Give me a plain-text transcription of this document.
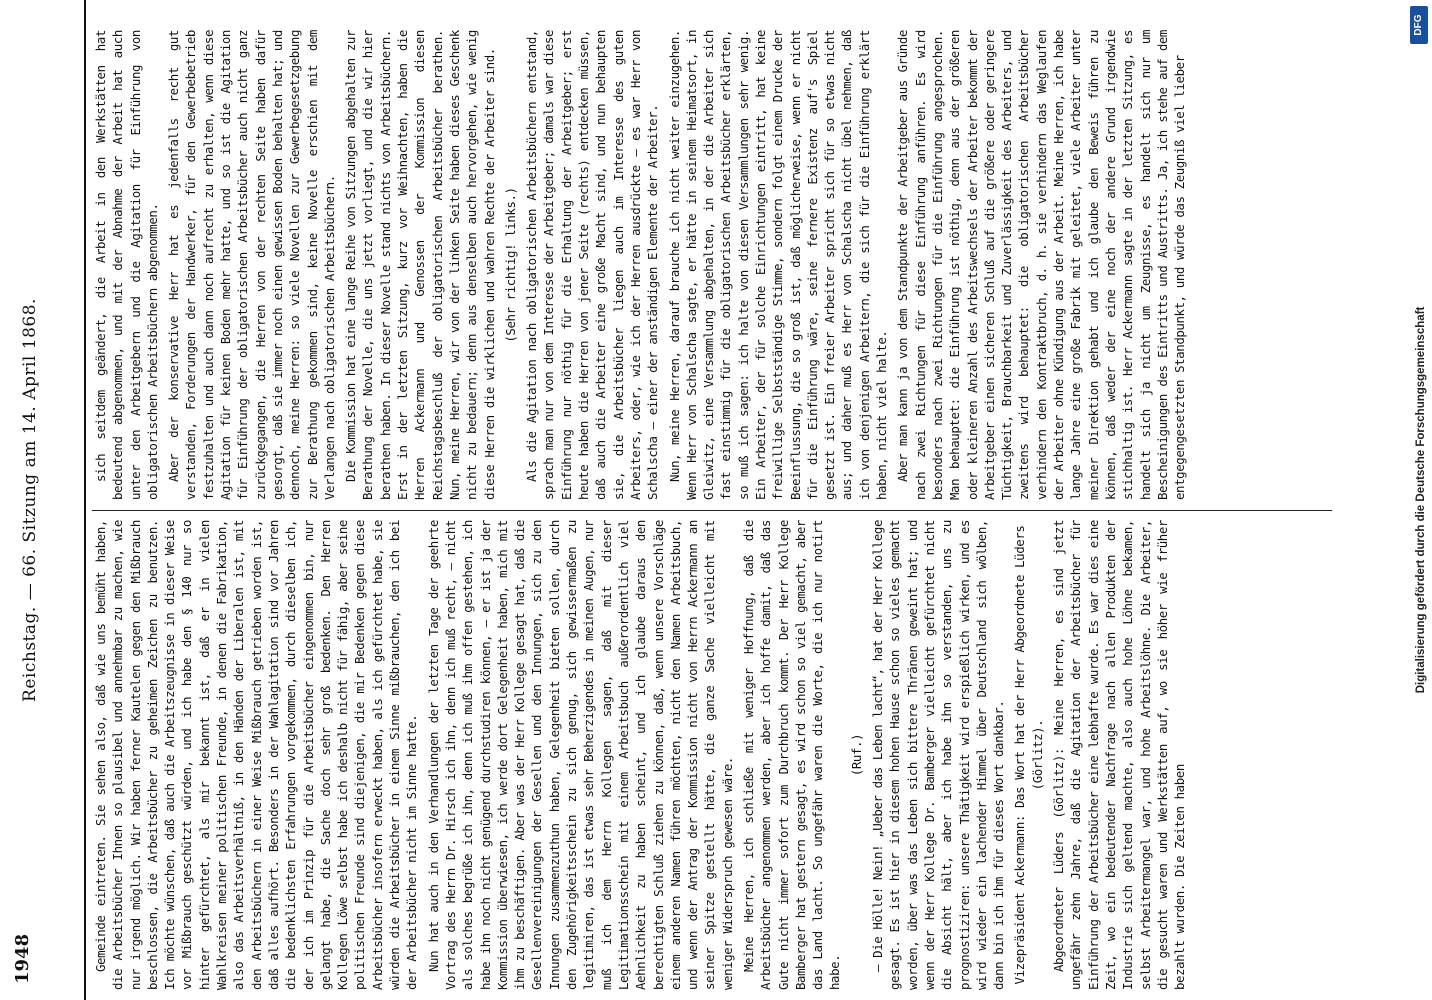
1948
Reichstag. — 66. Sitzung am 14. April 1868.

Gemeinde eintreten. Sie sehen also, daß wie uns bemüht haben, die Arbeitsbücher Ihnen so plausibel und annehmbar zu machen, wie nur irgend möglich. Wir haben ferner Kautelen gegen den Mißbrauch beschlossen, die Arbeitsbücher zu geheimen Zeichen zu benutzen. Ich möchte wünschen, daß auch die Arbeitszeugnisse in dieser Weise vor Mißbrauch geschützt würden, und ich habe den § 140 nur so hinter gefürchtet, als mir bekannt ist, daß er in vielen Wahlkreisen meiner politischen Freunde, in denen die Fabrikation, also das Arbeitsverhältniß, in den Händen der Liberalen ist, mit den Arbeitsbüchern in einer Weise Mißbrauch getrieben worden ist, daß alles aufhört. Besonders in der Wahlagitation sind vor Jahren die bedenklichsten Erfahrungen vorgekommen, durch dieselben ich, der ich im Prinzip für die Arbeitsbücher eingenommen bin, nur gelangt habe, die Sache doch sehr groß bedenken. Den Herren Kollegen Löwe selbst habe ich deshalb nicht für fähig, aber seine politischen Freunde sind diejenigen, die mir Bedenken gegen diese Arbeitsbücher insofern erweckt haben, als ich gefürchtet habe, sie würden die Arbeitsbücher in einem Sinne mißbrauchen, den ich bei der Arbeitsbücher nicht im Sinne hatte. Nun hat auch in den Verhandlungen der letzten Tage der geehrte Vortrag des Herrn Dr. Hirsch ich ihn, denn ich muß recht, — nicht als solches begrüße ich ihn, denn ich muß ihm offen gestehen, ich habe ihn noch nicht genügend durchstudiren können, — er ist ja der Kommission überwiesen, ich werde dort Gelegenheit haben, mich mit ihm zu beschäftigen. Aber was der Herr Kollege gesagt hat, daß die Gesellenvereinigungen der Gesellen und den Innungen, sich zu den Innungen zusammenzuthun haben, Gelegenheit bieten sollen, durch den Zugehörigkeitsschein zu sich genug, sich gewissermaßen zu legitimiren, das ist etwas sehr Beherzigendes in meinen Augen, nur muß ich dem Herrn Kollegen sagen, daß mit dieser Legitimationsschein mit einem Arbeitsbuch außerordentlich viel Aehnlichkeit zu haben scheint, und ich glaube daraus den berechtigten Schluß ziehen zu können, daß, wenn unsere Vorschläge einem anderen Namen führen möchten, nicht den Namen Arbeitsbuch, und wenn der Antrag der Kommission nicht von Herrn Ackermann an seiner Spitze gestellt hätte, die ganze Sache vielleicht mit weniger Widerspruch gewesen wäre. Meine Herren, ich schließe mit weniger Hoffnung, daß die Arbeitsbücher angenommen werden, aber ich hoffe damit, daß das Gute nicht immer sofort zum Durchbruch kommt. Der Herr Kollege Bamberger hat gestern gesagt, es wird schon so viel gemacht, aber das Land lacht. So ungefähr waren die Worte, die ich nur notirt habe.

(Ruf.) — Die Hölle! Nein! „Ueber das Leben lacht“, hat der Herr Kollege gesagt. Es ist hier in diesem hohen Hause schon so vieles gemacht worden, über was das Leben sich bittere Thränen geweint hat; und wenn der Herr Kollege Dr. Bamberger vielleicht gefürchtet nicht die Absicht hält, aber ich habe ihn so verstanden, uns zu prognostiziren: unsere Thätigkeit wird erspießlich wirken, und es wird wieder ein lachender Himmel über Deutschland sich wölben, dann bin ich ihm für dieses Wort dankbar. Vizepräsident Ackermann: Das Wort hat der Herr Abgeordnete Lüders (Görlitz). Abgeordneter Lüders (Görlitz): Meine Herren, es sind jetzt ungefähr zehn Jahre, daß die Agitation der Arbeitsbücher für Einführung der Arbeitsbücher eine lebhafte wurde. Es war dies eine Zeit, wo ein bedeutender Nachfrage nach allen Produkten der Industrie sich geltend machte, also auch hohe Löhne bekamen, selbst Arbeitermangel war, und hohe Arbeitslöhne. Die Arbeiter, die gesucht waren und Werkstätten auf, wo sie höher wie früher bezahlt wurden. Die Zeiten haben

sich seitdem geändert, die Arbeit in den Werkstätten hat bedeutend abgenommen, und mit der Abnahme der Arbeit hat auch unter den Arbeitgebern und die Agitation für Einführung von obligatorischen Arbeitsbüchern abgenommen. Aber der konservative Herr hat es jedenfalls recht gut verstanden, Forderungen der Handwerker, für den Gewerbebetrieb festzuhalten und auch dann noch aufrecht zu erhalten, wenn diese Agitation für keinen Boden mehr hatte, und so ist die Agitation für Einführung der obligatorischen Arbeitsbücher auch nicht ganz zurückgegangen, die Herren von der rechten Seite haben dafür gesorgt, daß sie immer noch einen gewissen Boden behalten hat; und dennoch, meine Herren: so viele Novellen zur Gewerbegesetzgebung zur Berathung gekommen sind, keine Novelle erschien mit dem Verlangen nach obligatorischen Arbeitsbüchern. Die Kommission hat eine lange Reihe von Sitzungen abgehalten zur Berathung der Novelle, die uns jetzt vorliegt, und die wir hier berathen haben. In dieser Novelle stand nichts von Arbeitsbüchern. Erst in der letzten Sitzung, kurz vor Weihnachten, haben die Herren Ackermann und Genossen der Kommission diesen Reichstagsbeschluß der obligatorischen Arbeitsbücher berathen. Nun, meine Herren, wir von der linken Seite haben dieses Geschenk nicht zu bedauern; denn aus denselben auch hervorgehen, wie wenig diese Herren die wirklichen und wahren Rechte der Arbeiter sind. (Sehr richtig! links.) Als die Agitation nach obligatorischen Arbeitsbüchern entstand, sprach man nur von dem Interesse der Arbeitgeber; damals war diese Einführung nur nöthig für die Erhaltung der Arbeitgeber; erst heute haben die Herren von jener Seite (rechts) entdecken müssen, daß auch die Arbeiter eine große Macht sind, und nun behaupten sie, die Arbeitsbücher liegen auch im Interesse des guten Arbeiters, oder, wie ich der Herren ausdrückte — es war Herr von Schalscha — einer der anständigen Elemente der Arbeiter. Nun, meine Herren, darauf brauche ich nicht weiter einzugehen. Wenn Herr von Schalscha sagte, er hätte in seinem Heimatsort, in Gleiwitz, eine Versammlung abgehalten, in der die Arbeiter sich fast einstimmig für die obligatorischen Arbeitsbücher erklärten, so muß ich sagen: ich halte von diesen Versammlungen sehr wenig. Ein Arbeiter, der für solche Einrichtungen eintritt, hat keine freiwillige Selbstständige Stimme, sondern folgt einem Drucke der Beeinflussung, die so groß ist, daß möglicherweise, wenn er nicht für die Einführung wäre, seine fernere Existenz auf's Spiel gesetzt ist. Ein freier Arbeiter spricht sich für so etwas nicht aus; und daher muß es Herr von Schalscha nicht übel nehmen, daß ich von denjenigen Arbeitern, die sich für die Einführung erklärt haben, nicht viel halte. Aber man kann ja von dem Standpunkte der Arbeitgeber aus Gründe nach zwei Richtungen für diese Einführung anführen. Es wird besonders nach zwei Richtungen für die Einführung angesprochen. Man behauptet: die Einführung ist nöthig, denn aus der größeren oder kleineren Anzahl des Arbeitswechsels der Arbeiter bekommt der Arbeitgeber einen sicheren Schluß auf die größere oder geringere Tüchtigkeit, Brauchbarkeit und Zuverlässigkeit des Arbeiters, und zweitens wird behauptet: die obligatorischen Arbeitsbücher verhindern den Kontraktbruch, d. h. sie verhindern das Weglaufen der Arbeiter ohne Kündigung aus der Arbeit. Meine Herren, ich habe lange Jahre eine große Fabrik mit geleitet, viele Arbeiter unter meiner Direktion gehabt und ich glaube den Beweis führen zu können, daß weder der eine noch der andere Grund irgendwie stichhaltig ist. Herr Ackermann sagte in der letzten Sitzung, es handelt sich ja nicht um Zeugnisse, es handelt sich nur um Bescheinigungen des Eintritts und Austritts. Ja, ich stehe auf dem entgegengesetzten Standpunkt, und würde das Zeugniß viel lieber

DFG
Digitalisierung gefördert durch die Deutsche Forschungsgemeinschaft
